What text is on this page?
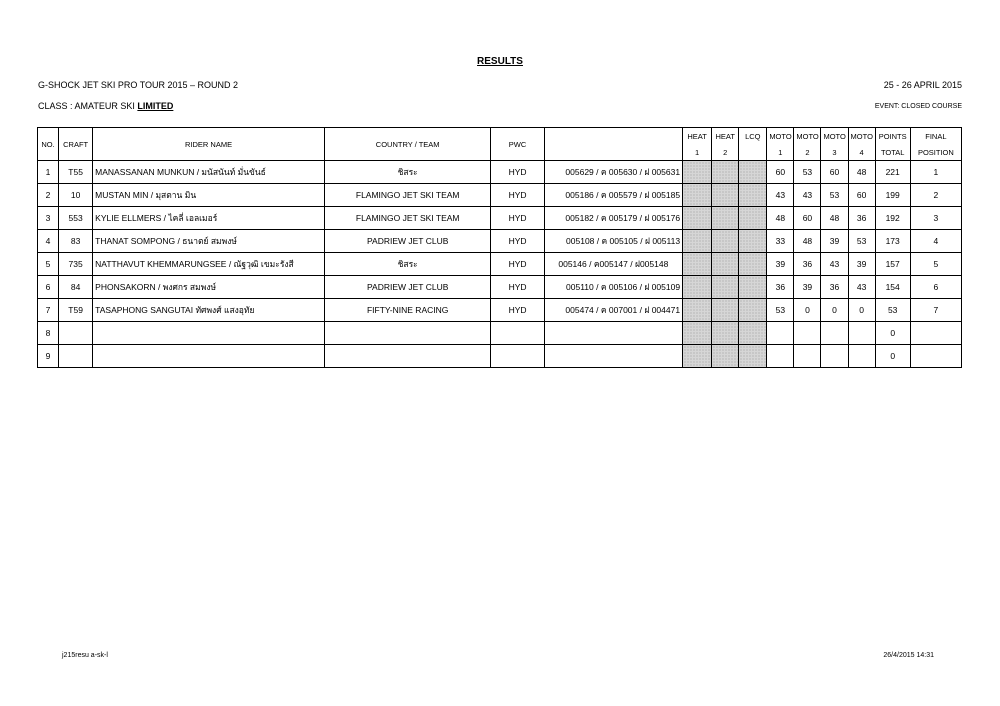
RESULTS
G-SHOCK JET SKI PRO TOUR 2015 – ROUND 2	25 - 26 APRIL 2015
CLASS : AMATEUR SKI LIMITED	EVENT: CLOSED COURSE
NO.	CRAFT	RIDER NAME	COUNTRY / TEAM	PWC		HEAT	HEAT	LCQ	MOTO	MOTO	MOTO	MOTO	POINTS	FINAL
						1	2		1	2	3	4	TOTAL	POSITION
1	T55	MANASSANAN MUNKUN / มนัสนันท์ มั่นขันธ์	ชิสระ	HYD	005629 / ค 005630 / ฝ 005631				60	53	60	48	221	1
2	10	MUSTAN MIN / มุสตาน มิน	FLAMINGO JET SKI TEAM	HYD	005186 / ค 005579 / ฝ 005185				43	43	53	60	199	2
3	553	KYLIE ELLMERS / ไคลี่ เอลเมอร์	FLAMINGO JET SKI TEAM	HYD	005182 / ค 005179 / ฝ 005176				48	60	48	36	192	3
4	83	THANAT SOMPONG / ธนาตย์ สมพงษ์	PADRIEW JET CLUB	HYD	005108 / ค 005105 / ฝ 005113				33	48	39	53	173	4
5	735	NATTHAVUT KHEMMARUNGSEE / ณัฐวุฒิ เขมะรังสี	ชิสระ	HYD	005146 / ค005147 / ฝ005148				39	36	43	39	157	5
6	84	PHONSAKORN / พงศกร สมพงษ์	PADRIEW JET CLUB	HYD	005110 / ค 005106 / ฝ 005109				36	39	36	43	154	6
7	T59	TASAPHONG SANGUTAI ทัศพงศ์ แสงอุทัย	FIFTY-NINE RACING	HYD	005474 / ค 007001 / ฝ 004471				53	0	0	0	53	7
8													0	
9													0	
j215resu a-sk-l	26/4/2015 14:31
